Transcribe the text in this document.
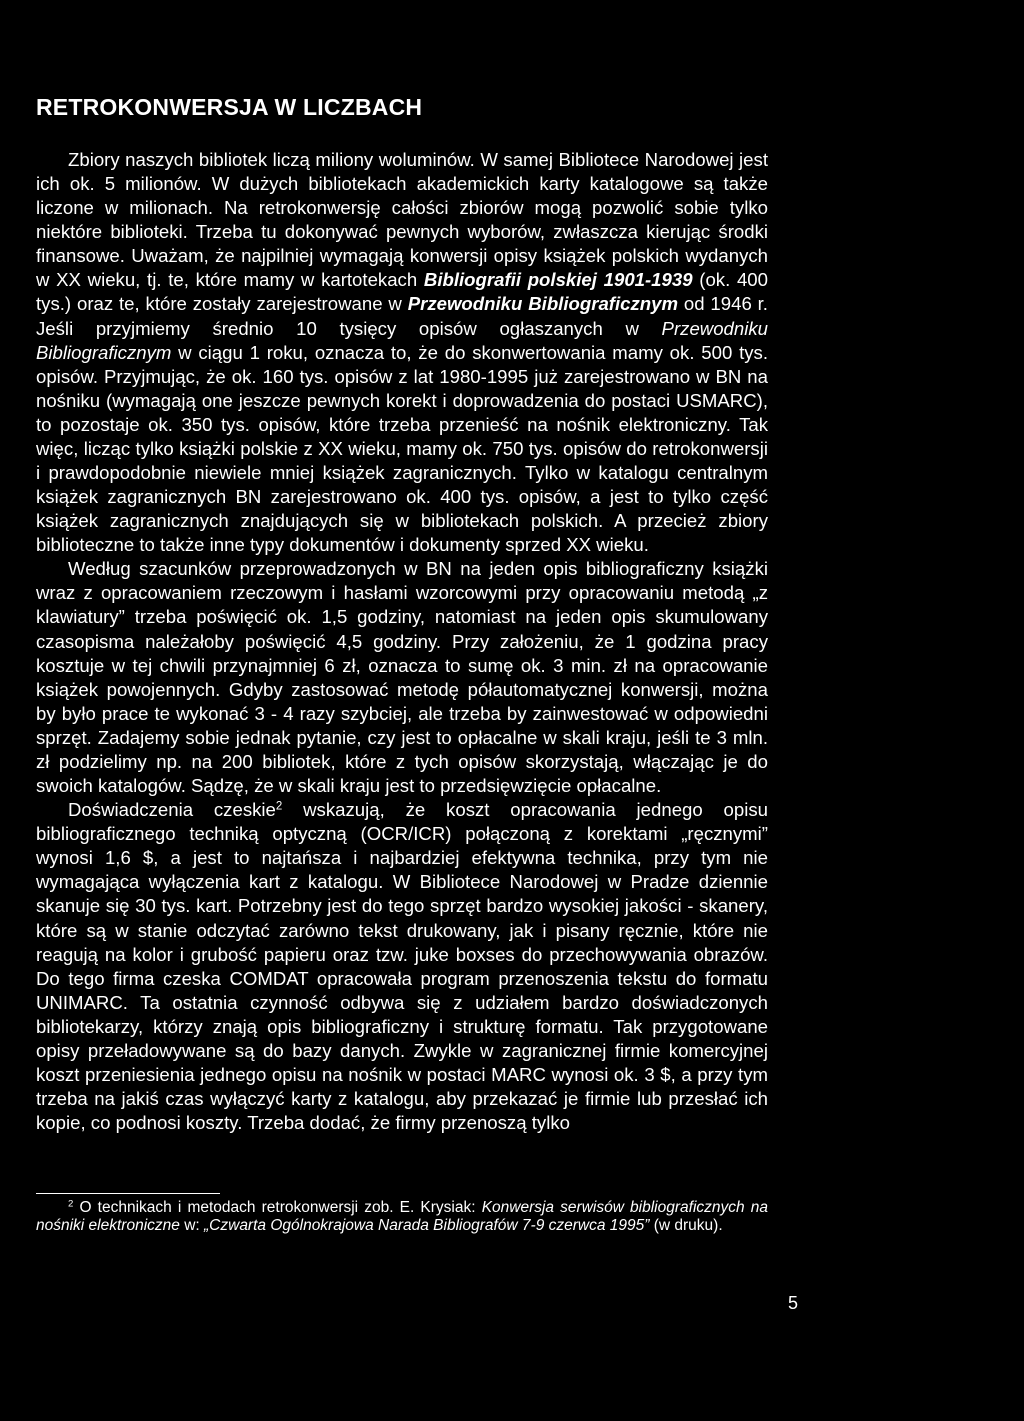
RETROKONWERSJA W LICZBACH

Zbiory naszych bibliotek liczą miliony woluminów. W samej Bibliotece Narodowej jest ich ok. 5 milionów. W dużych bibliotekach akademickich karty katalogowe są także liczone w milionach. Na retrokonwersję całości zbiorów mogą pozwolić sobie tylko niektóre biblioteki. Trzeba tu dokonywać pewnych wyborów, zwłaszcza kierując środki finansowe. Uważam, że najpilniej wymagają konwersji opisy książek polskich wydanych w XX wieku, tj. te, które mamy w kartotekach Bibliografii polskiej 1901-1939 (ok. 400 tys.) oraz te, które zostały zarejestrowane w Przewodniku Bibliograficznym od 1946 r. Jeśli przyjmiemy średnio 10 tysięcy opisów ogłaszanych w Przewodniku Bibliograficznym w ciągu 1 roku, oznacza to, że do skonwertowania mamy ok. 500 tys. opisów. Przyjmując, że ok. 160 tys. opisów z lat 1980-1995 już zarejestrowano w BN na nośniku (wymagają one jeszcze pewnych korekt i doprowadzenia do postaci USMARC), to pozostaje ok. 350 tys. opisów, które trzeba przenieść na nośnik elektroniczny. Tak więc, licząc tylko książki polskie z XX wieku, mamy ok. 750 tys. opisów do retrokonwersji i prawdopodobnie niewiele mniej książek zagranicznych. Tylko w katalogu centralnym książek zagranicznych BN zarejestrowano ok. 400 tys. opisów, a jest to tylko część książek zagranicznych znajdujących się w bibliotekach polskich. A przecież zbiory biblioteczne to także inne typy dokumentów i dokumenty sprzed XX wieku.

Według szacunków przeprowadzonych w BN na jeden opis bibliograficzny książki wraz z opracowaniem rzeczowym i hasłami wzorcowymi przy opracowaniu metodą „z klawiatury” trzeba poświęcić ok. 1,5 godziny, natomiast na jeden opis skumulowany czasopisma należałoby poświęcić 4,5 godziny. Przy założeniu, że 1 godzina pracy kosztuje w tej chwili przynajmniej 6 zł, oznacza to sumę ok. 3 min. zł na opracowanie książek powojennych. Gdyby zastosować metodę półautomatycznej konwersji, można by było prace te wykonać 3 - 4 razy szybciej, ale trzeba by zainwestować w odpowiedni sprzęt. Zadajemy sobie jednak pytanie, czy jest to opłacalne w skali kraju, jeśli te 3 mln. zł podzielimy np. na 200 bibliotek, które z tych opisów skorzystają, włączając je do swoich katalogów. Sądzę, że w skali kraju jest to przedsięwzięcie opłacalne.

Doświadczenia czeskie$^2$ wskazują, że koszt opracowania jednego opisu bibliograficznego techniką optyczną (OCR/ICR) połączoną z korektami „ręcznymi” wynosi 1,6 $, a jest to najtańsza i najbardziej efektywna technika, przy tym nie wymagająca wyłączenia kart z katalogu. W Bibliotece Narodowej w Pradze dziennie skanuje się 30 tys. kart. Potrzebny jest do tego sprzęt bardzo wysokiej jakości - skanery, które są w stanie odczytać zarówno tekst drukowany, jak i pisany ręcznie, które nie reagują na kolor i grubość papieru oraz tzw. juke boxses do przechowywania obrazów. Do tego firma czeska COMDAT opracowała program przenoszenia tekstu do formatu UNIMARC. Ta ostatnia czynność odbywa się z udziałem bardzo doświadczonych bibliotekarzy, którzy znają opis bibliograficzny i strukturę formatu. Tak przygotowane opisy przeładowywane są do bazy danych. Zwykle w zagranicznej firmie komercyjnej koszt przeniesienia jednego opisu na nośnik w postaci MARC wynosi ok. 3 $, a przy tym trzeba na jakiś czas wyłączyć karty z katalogu, aby przekazać je firmie lub przesłać ich kopie, co podnosi koszty. Trzeba dodać, że firmy przenoszą tylko

$^2$ O technikach i metodach retrokonwersji zob. E. Krysiak: Konwersja serwisów bibliograficznych na nośniki elektroniczne w: „Czwarta Ogólnokrajowa Narada Bibliografów 7-9 czerwca 1995” (w druku).

5
